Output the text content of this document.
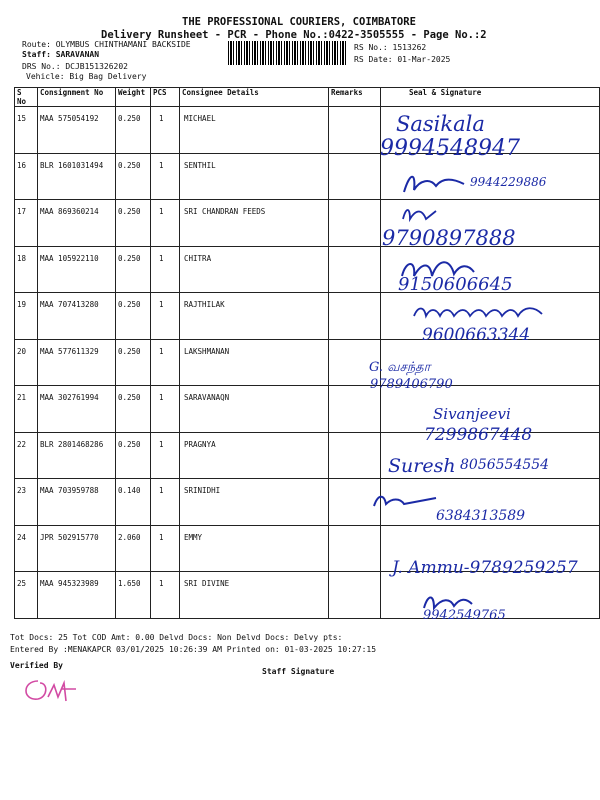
THE PROFESSIONAL COURIERS, COIMBATORE
Delivery Runsheet - PCR - Phone No.:0422-3505555 - Page No.:2
Route: OLYMBUS CHINTHAMANI BACKSIDE
Staff: SARAVANAN
DRS No.: DCJB151326202
Vehicle: Big Bag Delivery
RS No.: 1513262
RS Date: 01-Mar-2025
S No	Consignment No	Weight	PCS	Consignee Details	Remarks	Seal & Signature
15	MAA 575054192	0.250	1	MICHAEL		
16	BLR 1601031494	0.250	1	SENTHIL		
17	MAA 869360214	0.250	1	SRI CHANDRAN FEEDS		
18	MAA 105922110	0.250	1	CHITRA		
19	MAA 707413280	0.250	1	RAJTHILAK		
20	MAA 577611329	0.250	1	LAKSHMANAN		
21	MAA 302761994	0.250	1	SARAVANAQN		
22	BLR 2801468286	0.250	1	PRAGNYA		
23	MAA 703959788	0.140	1	SRINIDHI		
24	JPR 502915770	2.060	1	EMMY		
25	MAA 945323989	1.650	1	SRI DIVINE		
Sasikala
9994548947
9944229886
9790897888
9150606645
9600663344
G. வசந்தா
9789406790
Sivanjeevi
7299867448
Suresh 8056554554
6384313589
J. Ammu-9789259257
9942549765
Tot Docs: 25 Tot COD Amt: 0.00 Delvd Docs: Non Delvd Docs: Delvy pts:
Entered By :MENAKAPCR 03/01/2025 10:26:39 AM Printed on: 01-03-2025 10:27:15
Verified By
Staff Signature
